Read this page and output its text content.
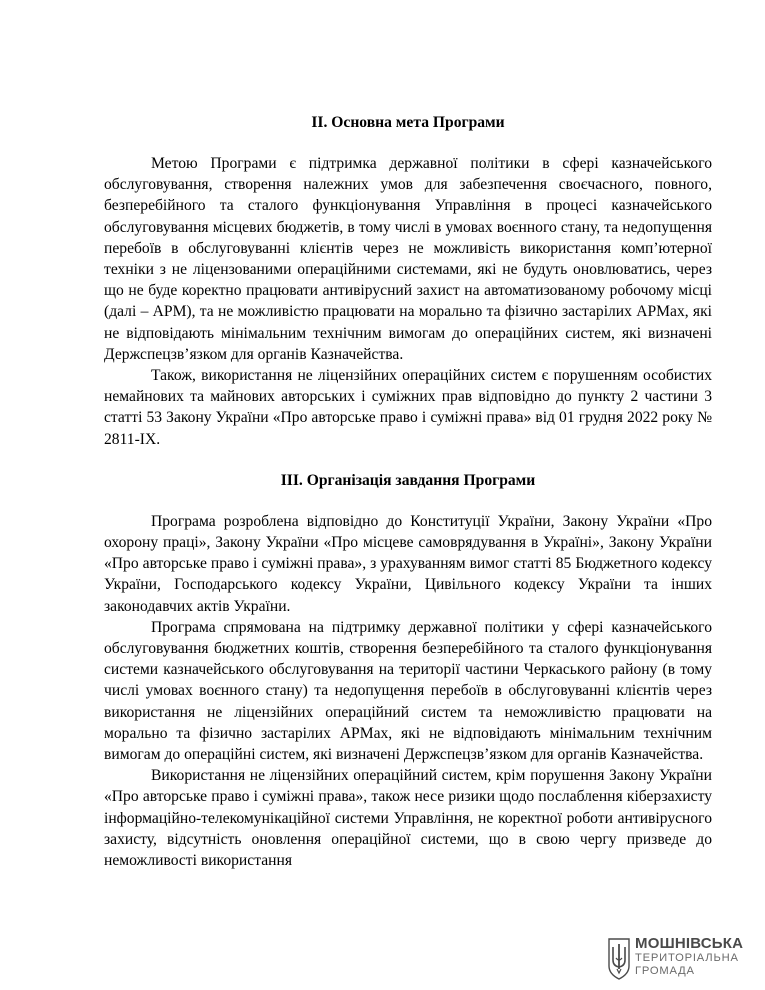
II. Основна мета Програми

Метою Програми є підтримка державної політики в сфері казначейського обслуговування, створення належних умов для забезпечення своєчасного, повного, безперебійного та сталого функціонування Управління в процесі казначейського обслуговування місцевих бюджетів, в тому числі в умовах воєнного стану, та недопущення перебоїв в обслуговуванні клієнтів через не можливість використання комп’ютерної техніки з не ліцензованими операційними системами, які не будуть оновлюватись, через що не буде коректно працювати антивірусний захист на автоматизованому робочому місці (далі – АРМ), та не можливістю працювати на морально та фізично застарілих АРМах, які не відповідають мінімальним технічним вимогам до операційних систем, які визначені Держспецзв’язком для органів Казначейства.

Також, використання не ліцензійних операційних систем є порушенням особистих немайнових та майнових авторських і суміжних прав відповідно до пункту 2 частини 3 статті 53 Закону України «Про авторське право і суміжні права» від 01 грудня 2022 року № 2811-IX.

ІІІ. Організація завдання Програми

Програма розроблена відповідно до Конституції України, Закону України «Про охорону праці», Закону України «Про місцеве самоврядування в Україні», Закону України «Про авторське право і суміжні права», з урахуванням вимог статті 85 Бюджетного кодексу України, Господарського кодексу України, Цивільного кодексу України та інших законодавчих актів України.

Програма спрямована на підтримку державної політики у сфері казначейського обслуговування бюджетних коштів, створення безперебійного та сталого функціонування системи казначейського обслуговування на території частини Черкаського району (в тому числі умовах воєнного стану) та недопущення перебоїв в обслуговуванні клієнтів через використання не ліцензійних операційний систем та неможливістю працювати на морально та фізично застарілих АРМах, які не відповідають мінімальним технічним вимогам до операційні систем, які визначені Держспецзв’язком для органів Казначейства.

Використання не ліцензійних операційний систем, крім порушення Закону України «Про авторське право і суміжні права», також несе ризики щодо послаблення кіберзахисту інформаційно-телекомунікаційної системи Управління, не коректної роботи антивірусного захисту, відсутність оновлення операційної системи, що в свою чергу призведе до неможливості використання

МОШНІВСЬКА
ТЕРИТОРІАЛЬНА
ГРОМАДА
